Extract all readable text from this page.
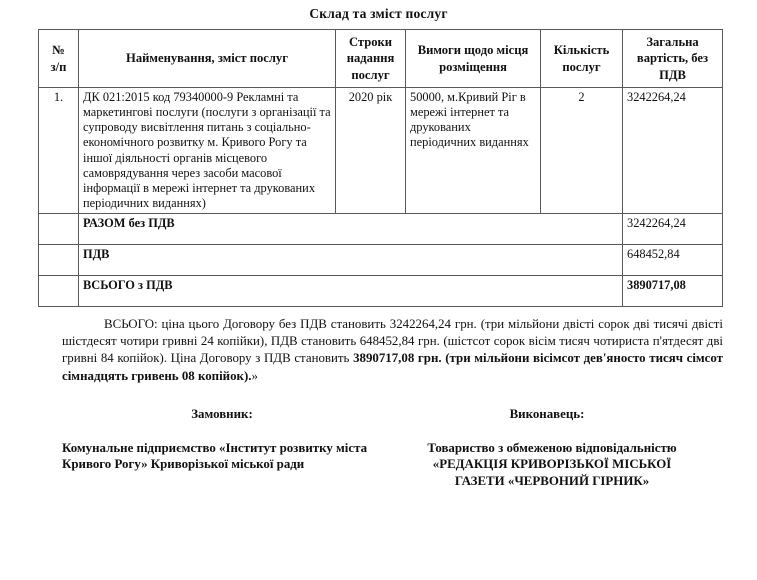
Склад та зміст послуг
№
з/п	Найменування, зміст послуг	Строки надання послуг	Вимоги щодо місця розміщення	Кількість послуг	Загальна вартість, без ПДВ
1.	ДК 021:2015 код 79340000-9 Рекламні та маркетингові послуги (послуги з організації та супроводу висвітлення питань з соціально-економічного розвитку м. Кривого Рогу та іншої діяльності органів місцевого самоврядування через засоби масової інформації в мережі інтернет та друкованих періодичних виданнях)	2020 рік	50000, м.Кривий Ріг в мережі інтернет та друкованих періодичних виданнях	2	3242264,24
	РАЗОМ без ПДВ				3242264,24
	ПДВ				648452,84
	ВСЬОГО з ПДВ				3890717,08
ВСЬОГО: ціна цього Договору без ПДВ становить 3242264,24 грн. (три мільйони двісті сорок дві тисячі двісті шістдесят чотири гривні 24 копійки), ПДВ становить 648452,84 грн. (шістсот сорок вісім тисяч чотириста п'ятдесят дві гривні 84 копійок). Ціна Договору з ПДВ становить 3890717,08 грн. (три мільйони вісімсот дев'яносто тисяч сімсот сімнадцять гривень 08 копійок).»
Замовник:	Виконавець:
Комунальне підприємство «Інститут розвитку міста Кривого Рогу» Криворізької міської ради
Товариство з обмеженою відповідальністю
«РЕДАКЦІЯ КРИВОРІЗЬКОЇ МІСЬКОЇ
ГАЗЕТИ «ЧЕРВОНИЙ ГІРНИК»
